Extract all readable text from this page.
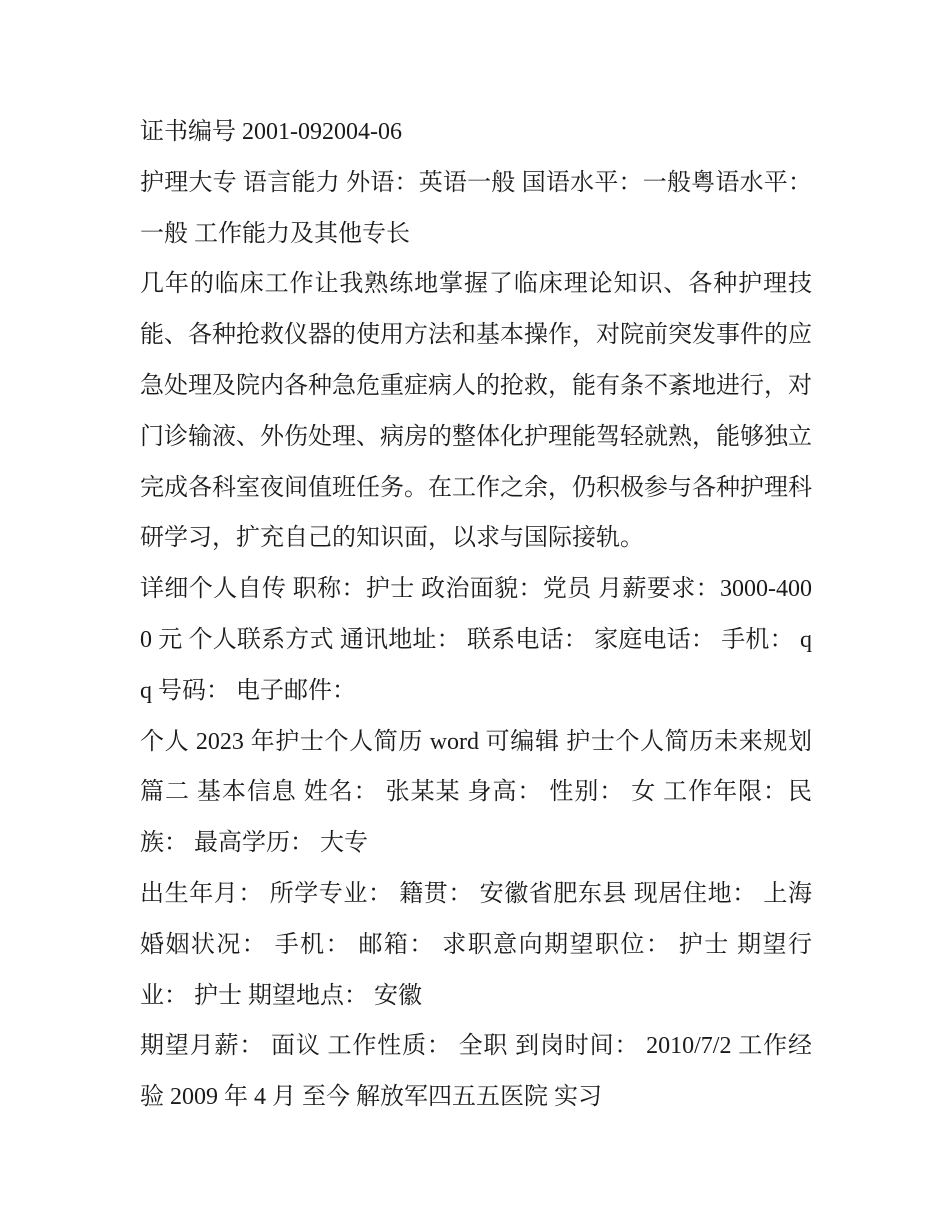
证书编号 2001-092004-06

护理大专 语言能力 外语：英语一般 国语水平：一般粤语水平：一般 工作能力及其他专长

几年的临床工作让我熟练地掌握了临床理论知识、各种护理技能、各种抢救仪器的使用方法和基本操作，对院前突发事件的应急处理及院内各种急危重症病人的抢救，能有条不紊地进行，对门诊输液、外伤处理、病房的整体化护理能驾轻就熟，能够独立完成各科室夜间值班任务。在工作之余，仍积极参与各种护理科研学习，扩充自己的知识面，以求与国际接轨。

详细个人自传 职称：护士 政治面貌：党员 月薪要求：3000-4000 元 个人联系方式 通讯地址： 联系电话： 家庭电话： 手机： qq 号码： 电子邮件：

个人 2023 年护士个人简历 word 可编辑 护士个人简历未来规划篇二 基本信息 姓名： 张某某 身高： 性别： 女 工作年限：民族： 最高学历： 大专

出生年月： 所学专业： 籍贯： 安徽省肥东县 现居住地： 上海 婚姻状况： 手机： 邮箱： 求职意向期望职位： 护士 期望行业： 护士 期望地点： 安徽

期望月薪： 面议 工作性质： 全职 到岗时间： 2010/7/2 工作经验 2009 年 4 月 至今 解放军四五五医院 实习
